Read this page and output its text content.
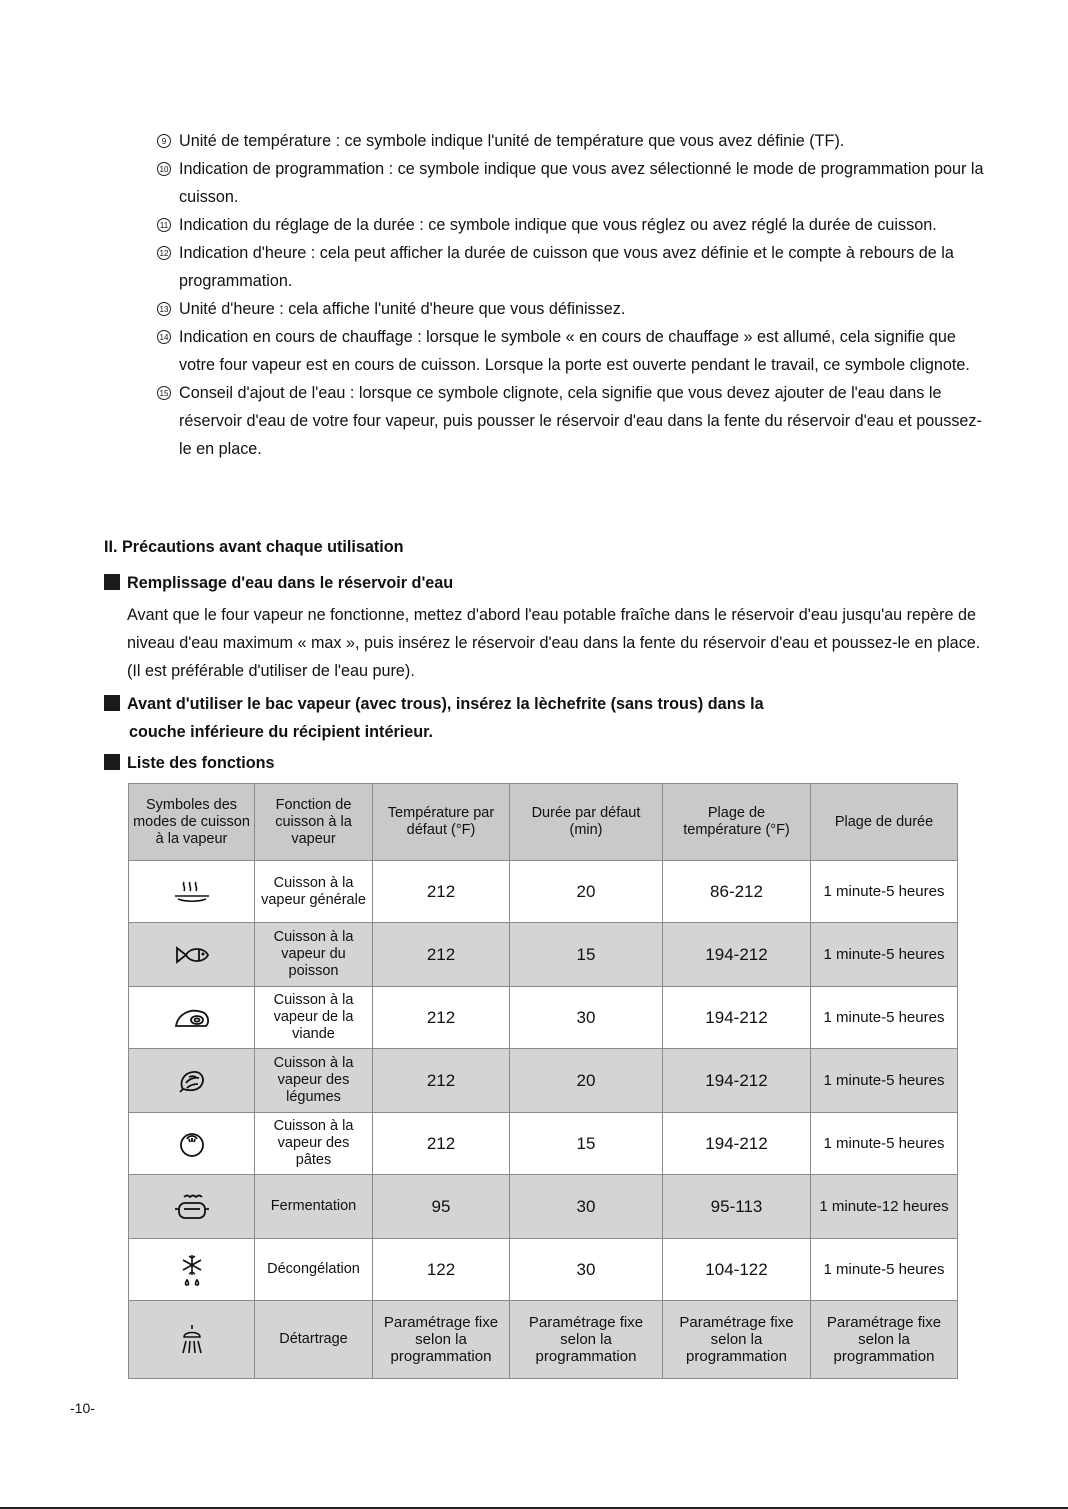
9 Unité de température : ce symbole indique l'unité de température que vous avez définie (TF).
10 Indication de programmation : ce symbole indique que vous avez sélectionné le mode de programmation pour la cuisson.
11 Indication du réglage de la durée : ce symbole indique que vous réglez ou avez réglé la durée de cuisson.
12 Indication d'heure : cela peut afficher la durée de cuisson que vous avez définie et le compte à rebours de la programmation.
13 Unité d'heure : cela affiche l'unité d'heure que vous définissez.
14 Indication en cours de chauffage : lorsque le symbole « en cours de chauffage » est allumé, cela signifie que votre four vapeur est en cours de cuisson. Lorsque la porte est ouverte pendant le travail, ce symbole clignote.
15 Conseil d'ajout de l'eau : lorsque ce symbole clignote, cela signifie que vous devez ajouter de l'eau dans le réservoir d'eau de votre four vapeur, puis pousser le réservoir d'eau dans la fente du réservoir d'eau et poussez-le en place.
II. Précautions avant chaque utilisation
Remplissage d'eau dans le réservoir d'eau

Avant que le four vapeur ne fonctionne, mettez d'abord l'eau potable fraîche dans le réservoir d'eau jusqu'au repère de niveau d'eau maximum « max », puis insérez le réservoir d'eau dans la fente du réservoir d'eau et poussez-le en place. (Il est préférable d'utiliser de l'eau pure).

Avant d'utiliser le bac vapeur (avec trous), insérez la lèchefrite (sans trous) dans la
couche inférieure du récipient intérieur.
Liste des fonctions
Symboles des modes de cuisson à la vapeur	Fonction de cuisson à la vapeur	Température par défaut (°F)	Durée par défaut (min)	Plage de température (°F)	Plage de durée

	Cuisson à la vapeur générale	212	20	86-212	1 minute-5 heures

	Cuisson à la vapeur du poisson	212	15	194-212	1 minute-5 heures

	Cuisson à la vapeur de la viande	212	30	194-212	1 minute-5 heures

	Cuisson à la vapeur des légumes	212	20	194-212	1 minute-5 heures

	Cuisson à la vapeur des pâtes	212	15	194-212	1 minute-5 heures

	Fermentation	95	30	95-113	1 minute-12 heures

	Décongélation	122	30	104-122	1 minute-5 heures

	Détartrage	Paramétrage fixe selon la programmation	Paramétrage fixe selon la programmation	Paramétrage fixe selon la programmation	Paramétrage fixe selon la programmation
-10-
